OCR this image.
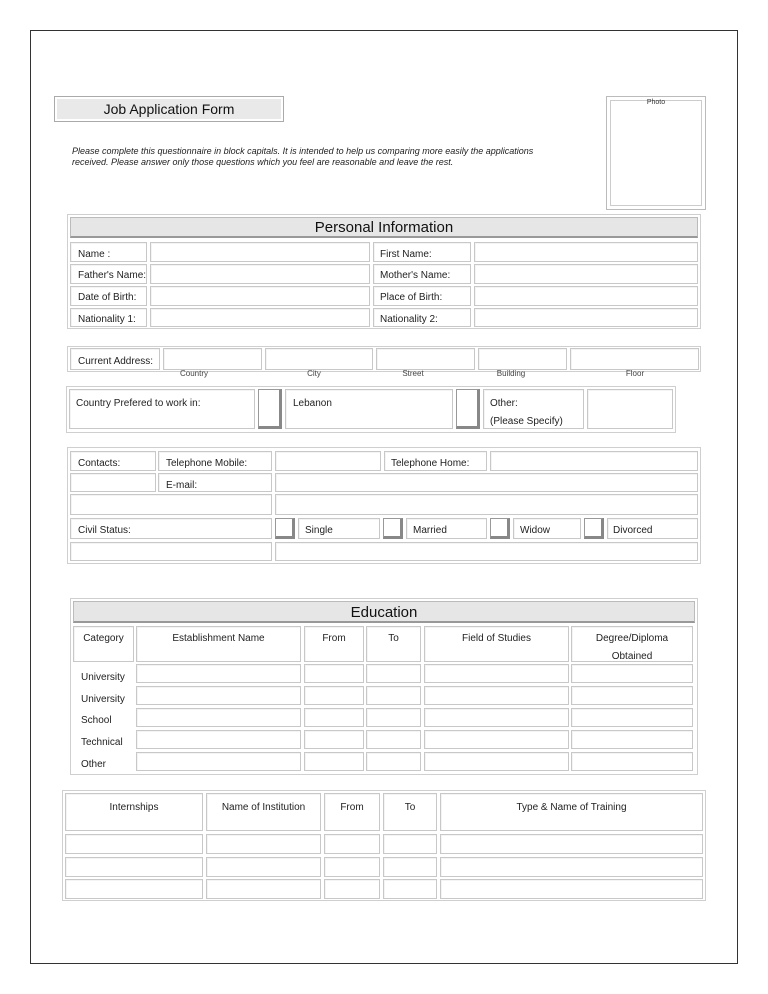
Job Application Form	Photo
Please complete this questionnaire in block capitals. It is intended to help us comparing more easily the applications
received. Please answer only those questions which you feel are reasonable and leave the rest.
Personal Information
Name :	First Name:
Father's Name:	Mother's Name:
Date of Birth:	Place of Birth:
Nationality 1:	Nationality 2:
Current Address:
Country	City	Street	Building	Floor
Country Prefered to work in:	Lebanon	Other:
(Please Specify)
Contacts:	Telephone Mobile:	Telephone Home:
E-mail:
Civil Status:	Single	Married	Widow	Divorced
Education
Category	Establishment Name	From	To	Field of Studies	Degree/Diploma
Obtained
University
University
School
Technical
Other
Internships	Name of Institution	From	To	Type & Name of Training
